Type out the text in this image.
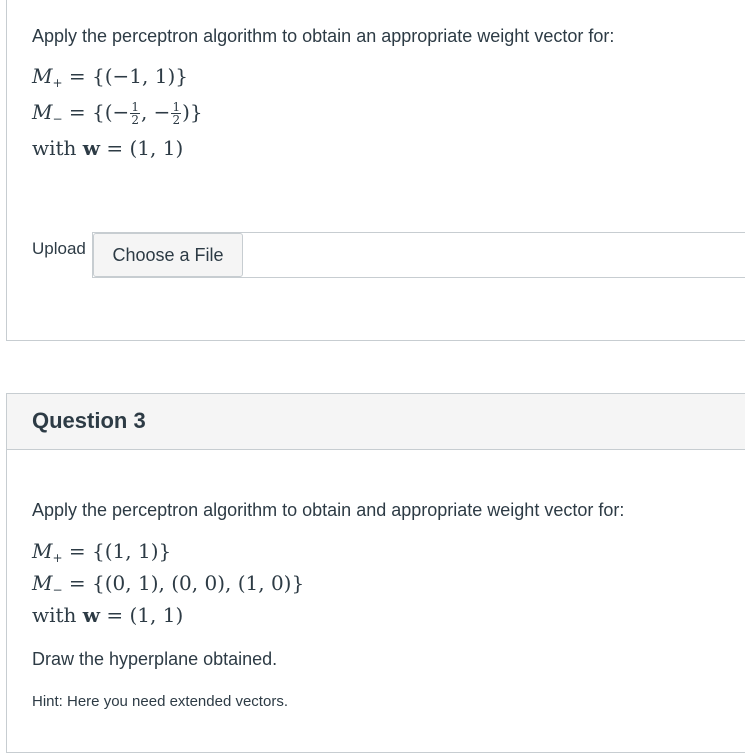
Apply the perceptron algorithm to obtain an appropriate weight vector for:
$M_+ = \{(-1$, 1)}
$M_-$ = {(− $\frac{1}{2}$ , − $\frac{1}{2}$ )}
with w = (1, 1)
Upload	Choose a File
Question 3
Apply the perceptron algorithm to obtain and appropriate weight vector for:
$M_+ = \{(1$, 1)}
$M_- = \{(0$, 1), (0, 0), (1, 0)}
with w = (1, 1)
Draw the hyperplane obtained.
Hint: Here you need extended vectors.
